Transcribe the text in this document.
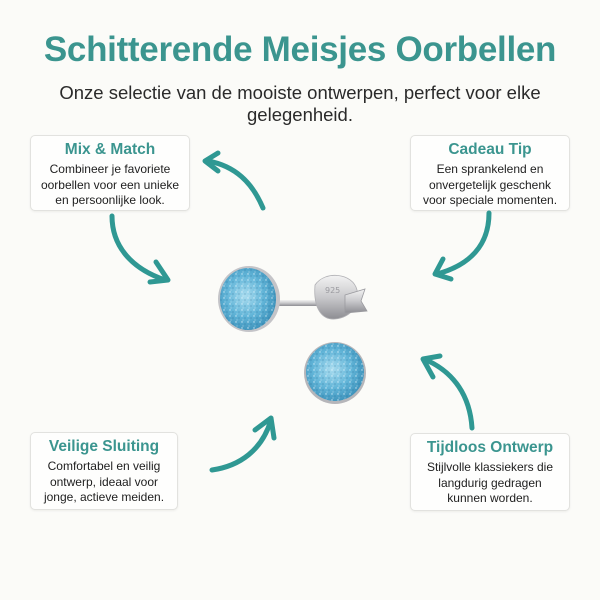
Schitterende Meisjes Oorbellen

Onze selectie van de mooiste ontwerpen, perfect voor elke gelegenheid.

Mix & Match

Combineer je favoriete oorbellen voor een unieke en persoonlijke look.

Cadeau Tip

Een sprankelend en onvergetelijk geschenk voor speciale momenten.

Veilige Sluiting

Comfortabel en veilig ontwerp, ideaal voor jonge, actieve meiden.

Tijdloos Ontwerp

Stijlvolle klassiekers die langdurig gedragen kunnen worden.

925
